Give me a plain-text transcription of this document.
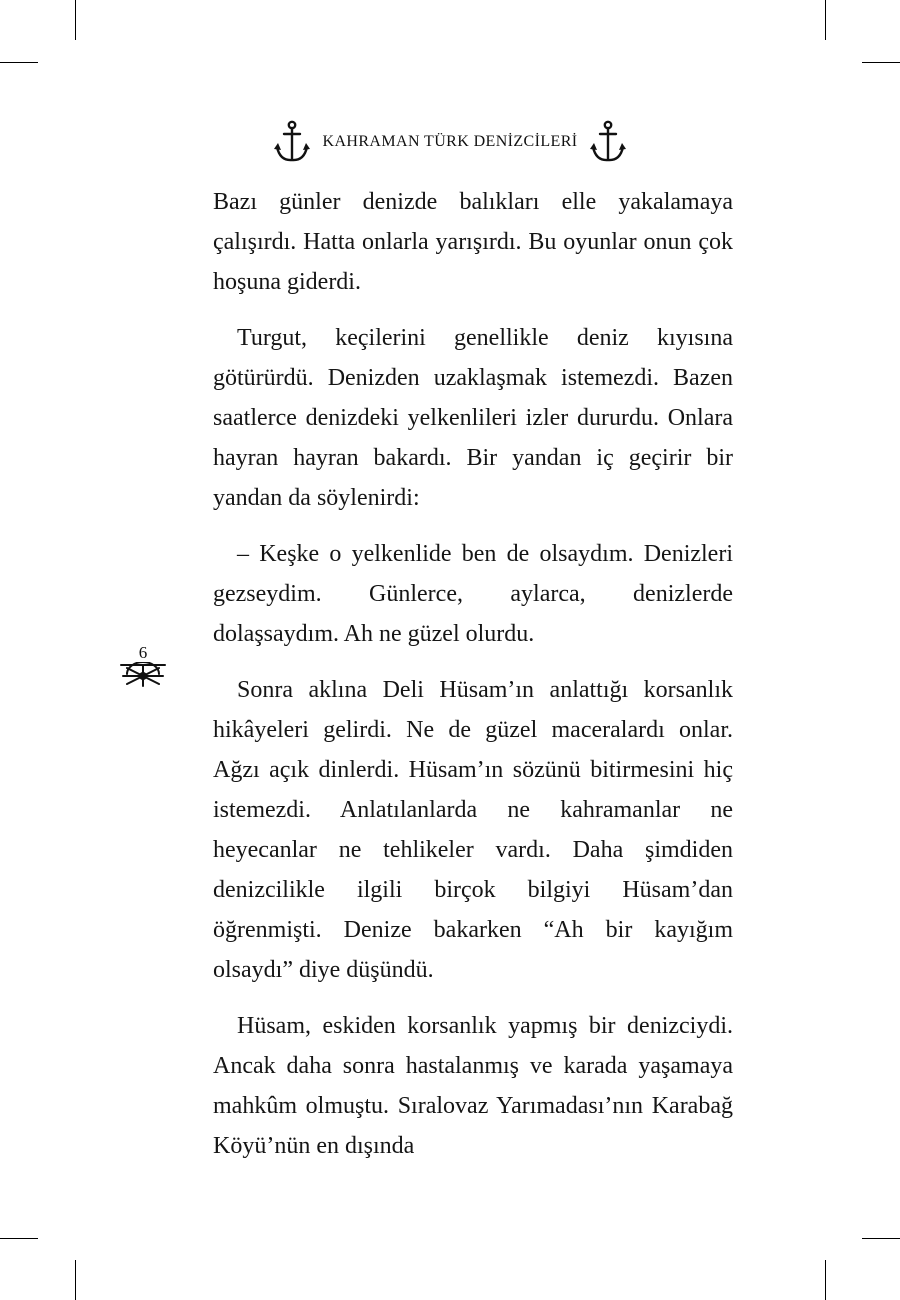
KAHRAMAN TÜRK DENİZCİLERİ
6

Bazı günler denizde balıkları elle yakalamaya çalışırdı. Hatta onlarla yarışırdı. Bu oyunlar onun çok hoşuna giderdi.

Turgut, keçilerini genellikle deniz kıyısına götürürdü. Denizden uzaklaşmak istemezdi. Bazen saatlerce denizdeki yelkenlileri izler dururdu. Onlara hayran hayran bakardı. Bir yandan iç geçirir bir yandan da söylenirdi:

– Keşke o yelkenlide ben de olsaydım. Denizleri gezseydim. Günlerce, aylarca, denizlerde dolaşsaydım. Ah ne güzel olurdu.

Sonra aklına Deli Hüsam’ın anlattığı korsanlık hikâyeleri gelirdi. Ne de güzel maceralardı onlar. Ağzı açık dinlerdi. Hüsam’ın sözünü bitirmesini hiç istemezdi. Anlatılanlarda ne kahramanlar ne heyecanlar ne tehlikeler vardı. Daha şimdiden denizcilikle ilgili birçok bilgiyi Hüsam’dan öğrenmişti. Denize bakarken “Ah bir kayığım olsaydı” diye düşündü.

Hüsam, eskiden korsanlık yapmış bir denizciydi. Ancak daha sonra hastalanmış ve karada yaşamaya mahkûm olmuştu. Sıralovaz Yarımadası’nın Karabağ Köyü’nün en dışında
